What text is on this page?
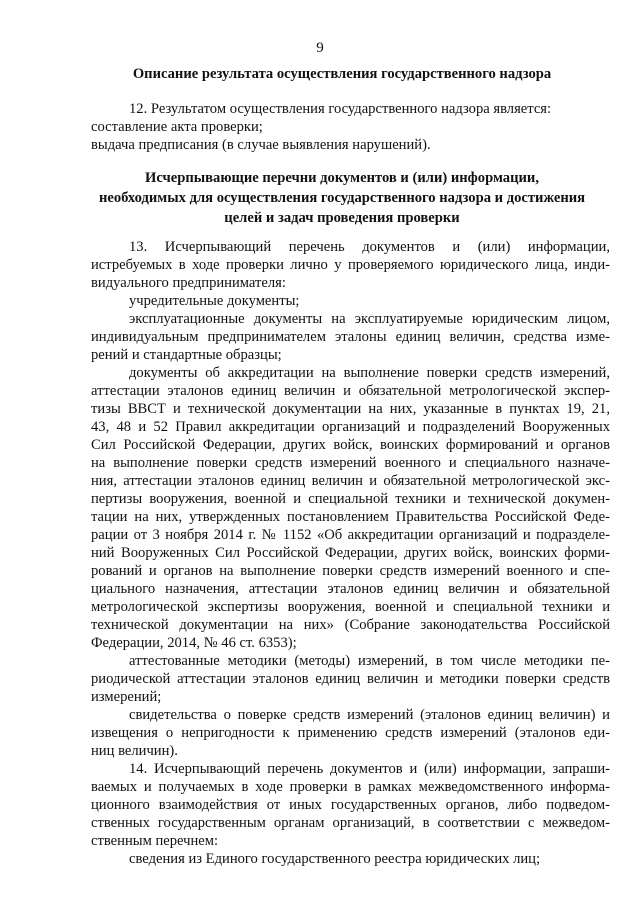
9
Описание результата осуществления государственного надзора
12. Результатом осуществления государственного надзора является:
составление акта проверки;
выдача предписания (в случае выявления нарушений).
Исчерпывающие перечни документов и (или) информации,
необходимых для осуществления государственного надзора и достижения
целей и задач проведения проверки
13. Исчерпывающий перечень документов и (или) информации,
истребуемых в ходе проверки лично у проверяемого юридического лица, инди-
видуального предпринимателя:
учредительные документы;
эксплуатационные документы на эксплуатируемые юридическим лицом,
индивидуальным предпринимателем эталоны единиц величин, средства изме-
рений и стандартные образцы;
документы об аккредитации на выполнение поверки средств измерений,
аттестации эталонов единиц величин и обязательной метрологической экспер-
тизы ВВСТ и технической документации на них, указанные в пунктах 19, 21,
43, 48 и 52 Правил аккредитации организаций и подразделений Вооруженных
Сил Российской Федерации, других войск, воинских формирований и органов
на выполнение поверки средств измерений военного и специального назначе-
ния, аттестации эталонов единиц величин и обязательной метрологической экс-
пертизы вооружения, военной и специальной техники и технической докумен-
тации на них, утвержденных постановлением Правительства Российской Феде-
рации от 3 ноября 2014 г. № 1152 «Об аккредитации организаций и подразделе-
ний Вооруженных Сил Российской Федерации, других войск, воинских форми-
рований и органов на выполнение поверки средств измерений военного и спе-
циального назначения, аттестации эталонов единиц величин и обязательной
метрологической экспертизы вооружения, военной и специальной техники и
технической документации на них» (Собрание законодательства Российской
Федерации, 2014, № 46 ст. 6353);
аттестованные методики (методы) измерений, в том числе методики пе-
риодической аттестации эталонов единиц величин и методики поверки средств
измерений;
свидетельства о поверке средств измерений (эталонов единиц величин) и
извещения о непригодности к применению средств измерений (эталонов еди-
ниц величин).
14. Исчерпывающий перечень документов и (или) информации, запраши-
ваемых и получаемых в ходе проверки в рамках межведомственного информа-
ционного взаимодействия от иных государственных органов, либо подведом-
ственных государственным органам организаций, в соответствии с межведом-
ственным перечнем:
сведения из Единого государственного реестра юридических лиц;
